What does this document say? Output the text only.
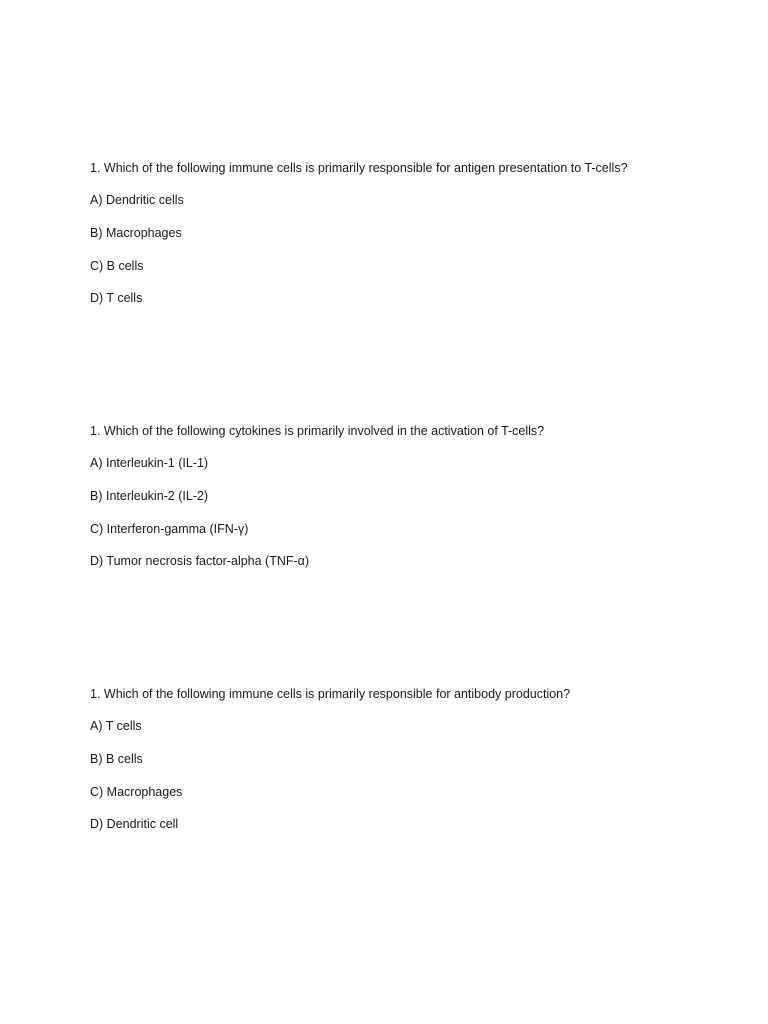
1. Which of the following immune cells is primarily responsible for antigen presentation to T-cells?

A) Dendritic cells

B) Macrophages

C) B cells

D) T cells

1. Which of the following cytokines is primarily involved in the activation of T-cells?

A) Interleukin-1 (IL-1)

B) Interleukin-2 (IL-2)

C) Interferon-gamma (IFN-γ)

D) Tumor necrosis factor-alpha (TNF-α)

1. Which of the following immune cells is primarily responsible for antibody production?

A) T cells

B) B cells

C) Macrophages

D) Dendritic cell
